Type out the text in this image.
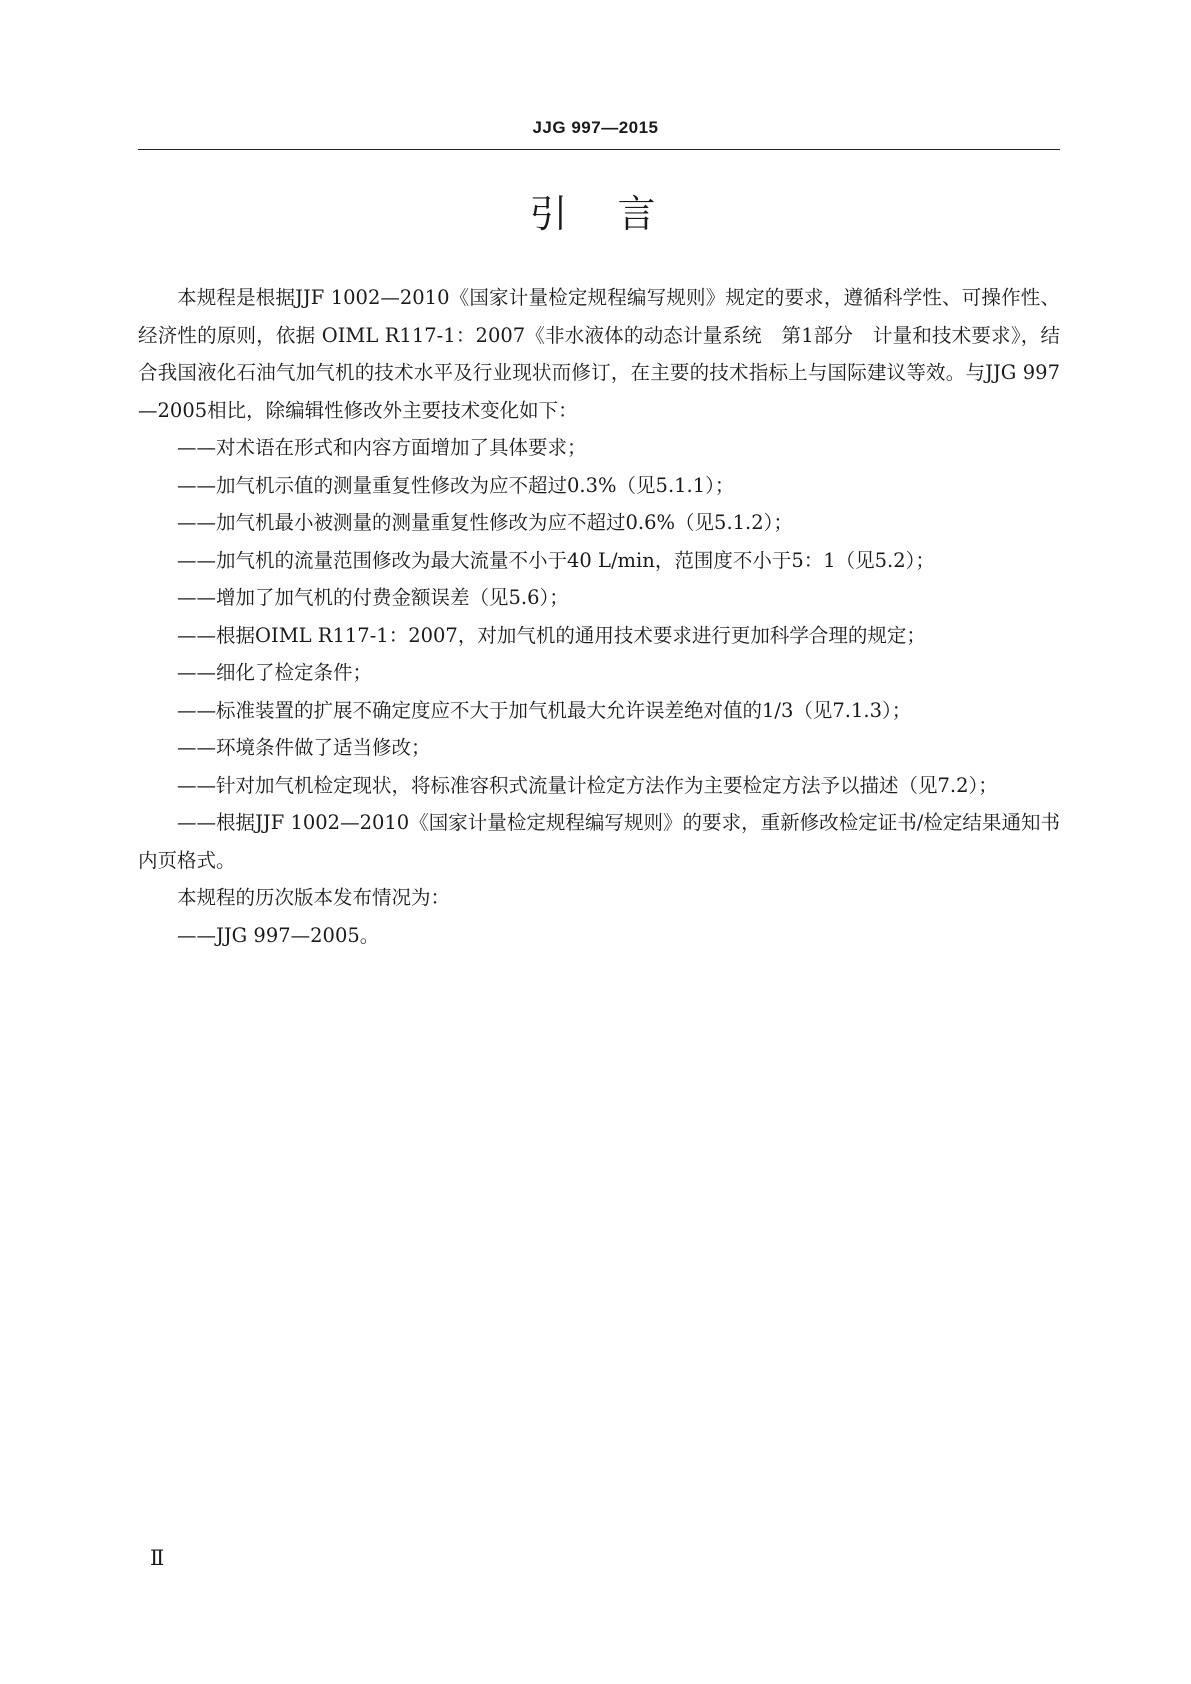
JJG 997—2015
引　言

本规程是根据JJF 1002—2010《国家计量检定规程编写规则》规定的要求，遵循科学性、可操作性、经济性的原则，依据 OIML R117-1：2007《非水液体的动态计量系统　第1部分　计量和技术要求》，结合我国液化石油气加气机的技术水平及行业现状而修订，在主要的技术指标上与国际建议等效。与JJG 997—2005相比，除编辑性修改外主要技术变化如下：

——对术语在形式和内容方面增加了具体要求；

——加气机示值的测量重复性修改为应不超过0.3%（见5.1.1）；

——加气机最小被测量的测量重复性修改为应不超过0.6%（见5.1.2）；

——加气机的流量范围修改为最大流量不小于40 L/min，范围度不小于5：1（见5.2）；

——增加了加气机的付费金额误差（见5.6）；

——根据OIML R117-1：2007，对加气机的通用技术要求进行更加科学合理的规定；

——细化了检定条件；

——标准装置的扩展不确定度应不大于加气机最大允许误差绝对值的1/3（见7.1.3）；

——环境条件做了适当修改；

——针对加气机检定现状，将标准容积式流量计检定方法作为主要检定方法予以描述（见7.2）；

——根据JJF 1002—2010《国家计量检定规程编写规则》的要求，重新修改检定证书/检定结果通知书内页格式。

本规程的历次版本发布情况为：

——JJG 997—2005。

Ⅱ
